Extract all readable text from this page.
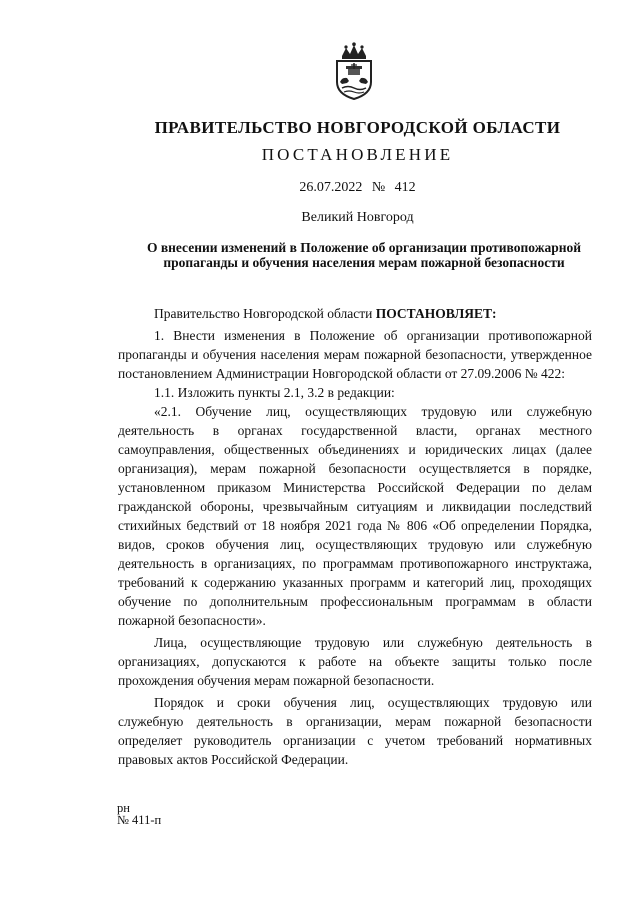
ПРАВИТЕЛЬСТВО НОВГОРОДСКОЙ ОБЛАСТИ
ПОСТАНОВЛЕНИЕ
26.07.2022 № 412
Великий Новгород
О внесении изменений в Положение об организации противопожарной пропаганды и обучения населения мерам пожарной безопасности

Правительство Новгородской области ПОСТАНОВЛЯЕТ:

1. Внести изменения в Положение об организации противопожарной пропаганды и обучения населения мерам пожарной безопасности, утвержденное постановлением Администрации Новгородской области от 27.09.2006 № 422:

1.1. Изложить пункты 2.1, 3.2 в редакции:

«2.1. Обучение лиц, осуществляющих трудовую или служебную деятельность в органах государственной власти, органах местного самоуправления, общественных объединениях и юридических лицах (далее организация), мерам пожарной безопасности осуществляется в порядке, установленном приказом Министерства Российской Федерации по делам гражданской обороны, чрезвычайным ситуациям и ликвидации последствий стихийных бедствий от 18 ноября 2021 года № 806 «Об определении Порядка, видов, сроков обучения лиц, осуществляющих трудовую или служебную деятельность в организациях, по программам противопожарного инструктажа, требований к содержанию указанных программ и категорий лиц, проходящих обучение по дополнительным профессиональным программам в области пожарной безопасности».

Лица, осуществляющие трудовую или служебную деятельность в организациях, допускаются к работе на объекте защиты только после прохождения обучения мерам пожарной безопасности.

Порядок и сроки обучения лиц, осуществляющих трудовую или служебную деятельность в организации, мерам пожарной безопасности определяет руководитель организации с учетом требований нормативных правовых актов Российской Федерации.

рн
№ 411-п
